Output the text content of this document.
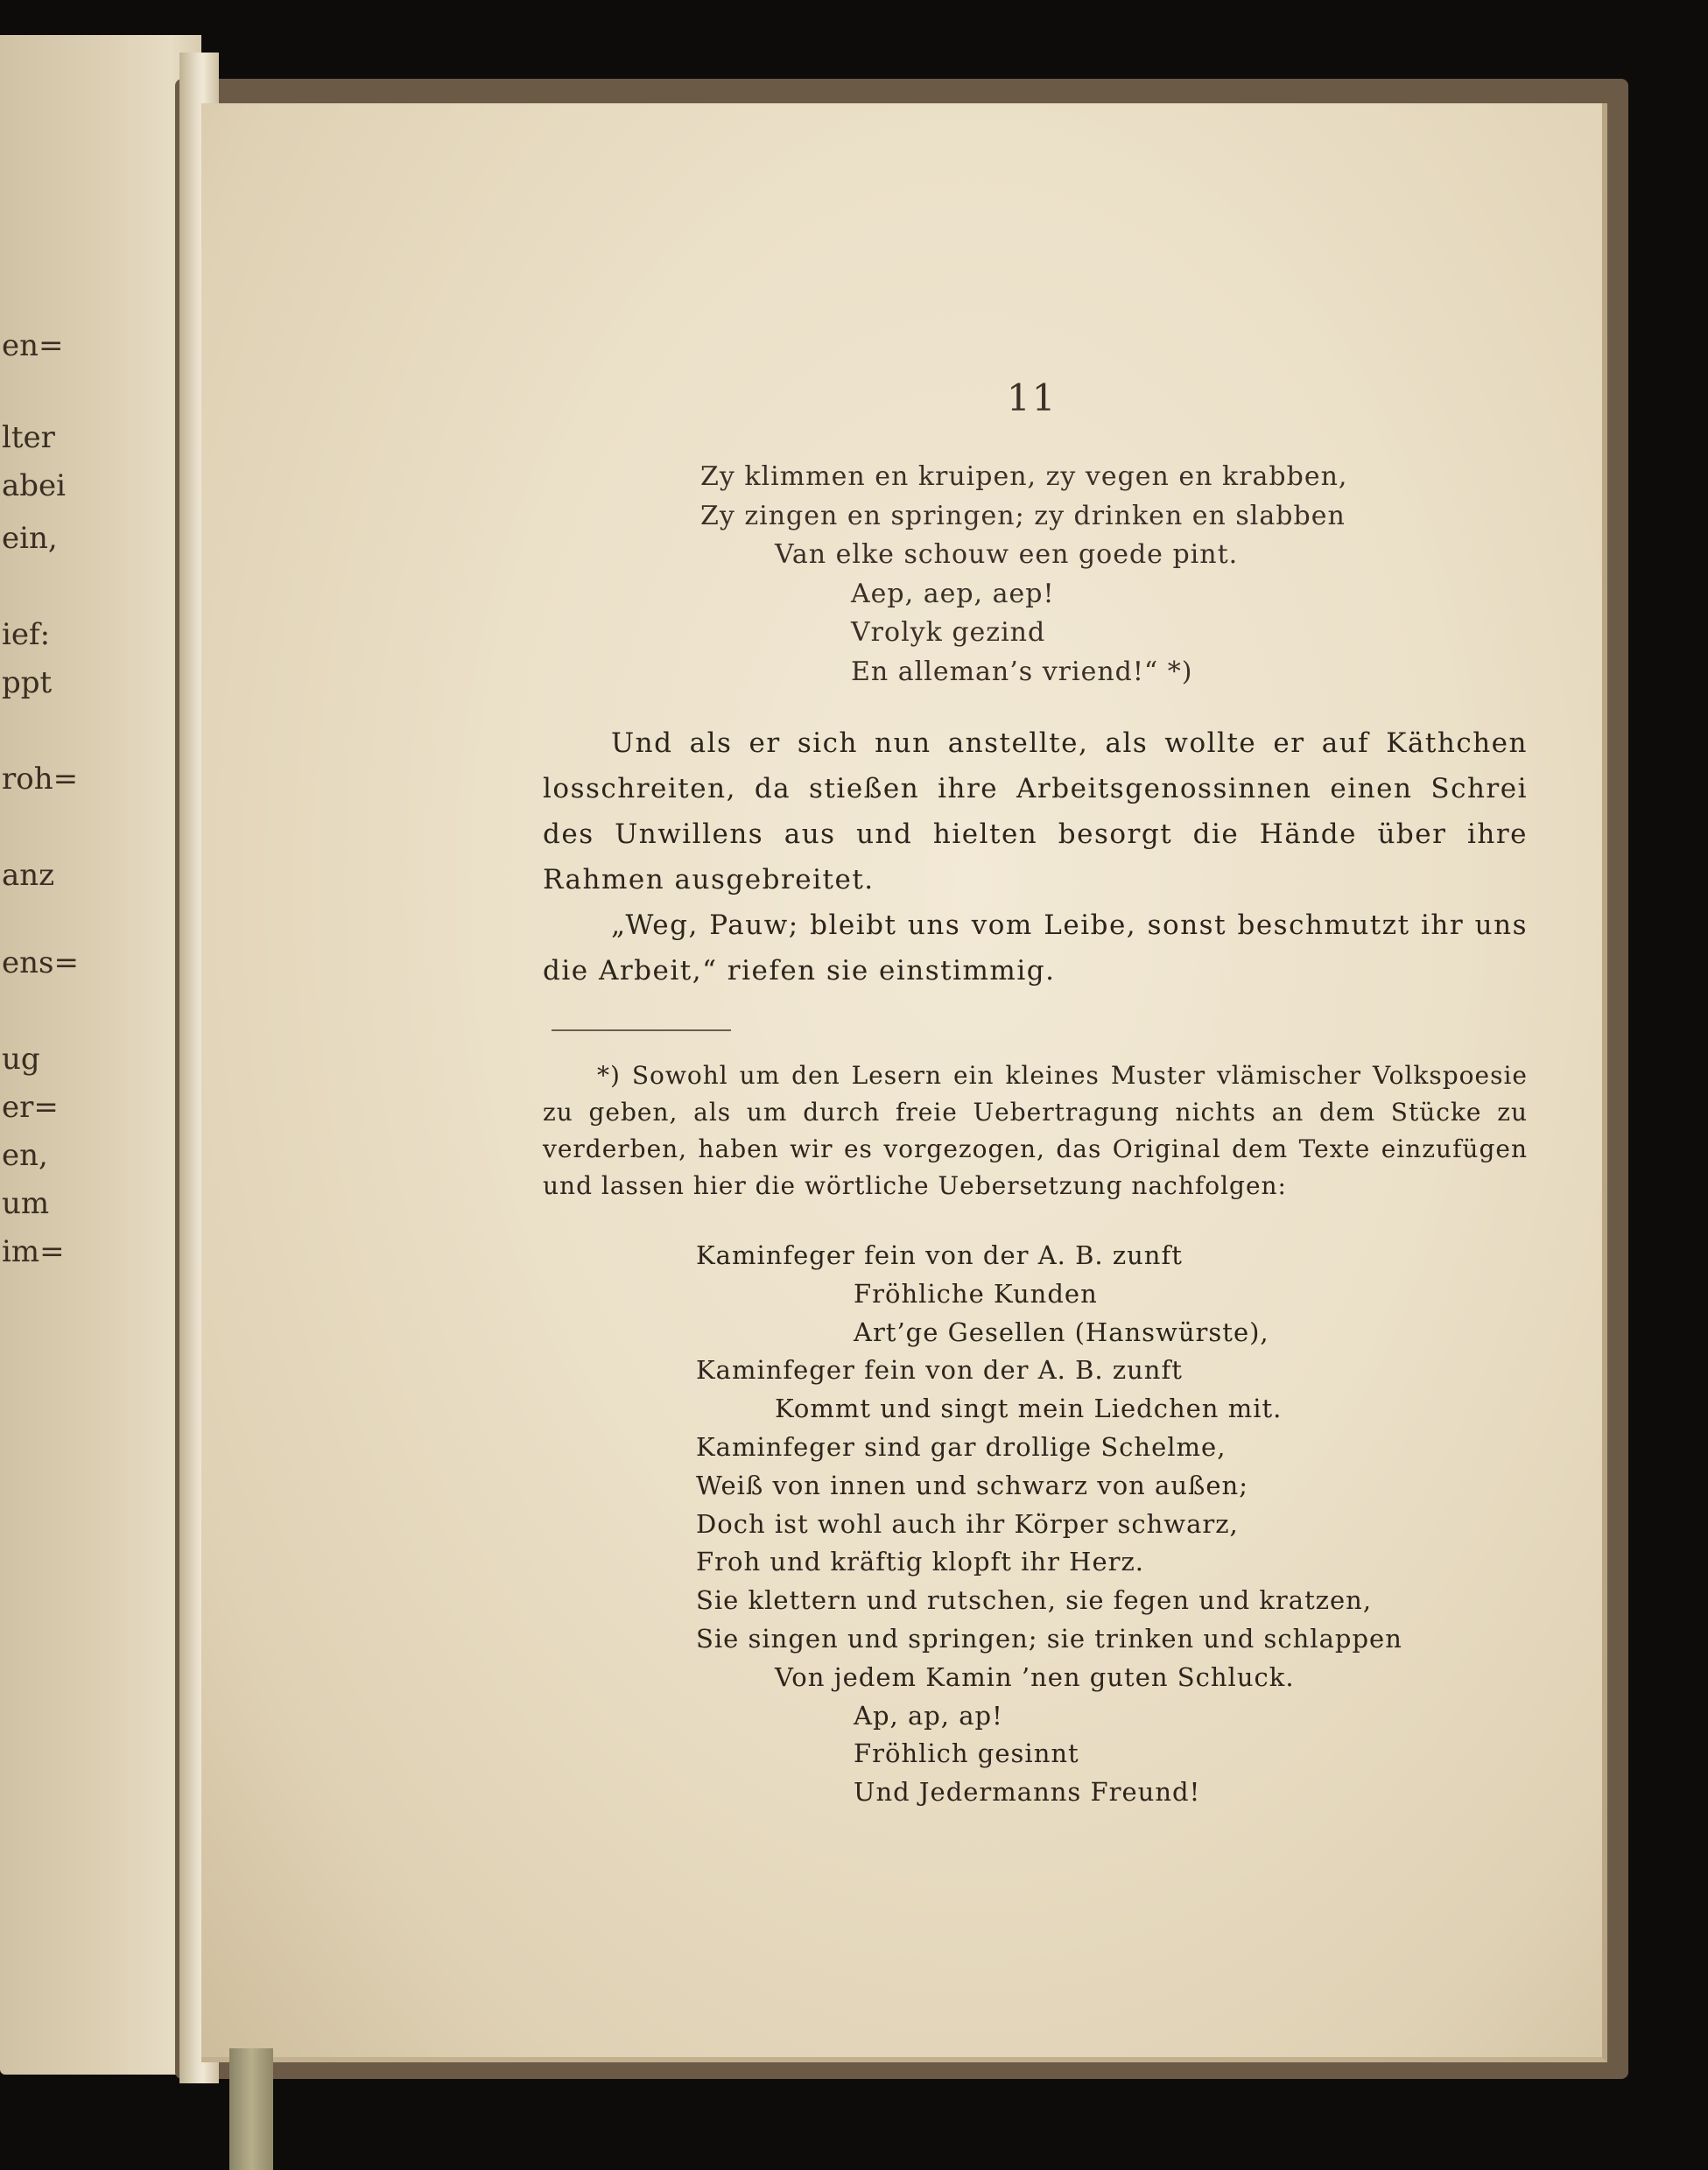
en=
lter
abei
ein,
ief:
ppt
roh=
anz
ens=
ug
er=
en,
um
im=
11
Zy klimmen en kruipen, zy vegen en krabben,
Zy zingen en springen; zy drinken en slabben
Van elke schouw een goede pint.
Aep, aep, aep!
Vrolyk gezind
En alleman’s vriend!“ *)

Und als er sich nun anstellte, als wollte er auf Käthchen losschreiten, da stießen ihre Arbeitsgenossinnen einen Schrei des Unwillens aus und hielten besorgt die Hände über ihre Rahmen ausgebreitet.

„Weg, Pauw; bleibt uns vom Leibe, sonst beschmutzt ihr uns die Arbeit,“ riefen sie einstimmig.

*) Sowohl um den Lesern ein kleines Muster vlämischer Volkspoesie zu geben, als um durch freie Uebertragung nichts an dem Stücke zu verderben, haben wir es vorgezogen, das Original dem Texte einzufügen und lassen hier die wörtliche Uebersetzung nachfolgen:

Kaminfeger fein von der A. B. zunft
Fröhliche Kunden
Art’ge Gesellen (Hanswürste),
Kaminfeger fein von der A. B. zunft
Kommt und singt mein Liedchen mit.
Kaminfeger sind gar drollige Schelme,
Weiß von innen und schwarz von außen;
Doch ist wohl auch ihr Körper schwarz,
Froh und kräftig klopft ihr Herz.
Sie klettern und rutschen, sie fegen und kratzen,
Sie singen und springen; sie trinken und schlappen
Von jedem Kamin ’nen guten Schluck.
Ap, ap, ap!
Fröhlich gesinnt
Und Jedermanns Freund!
